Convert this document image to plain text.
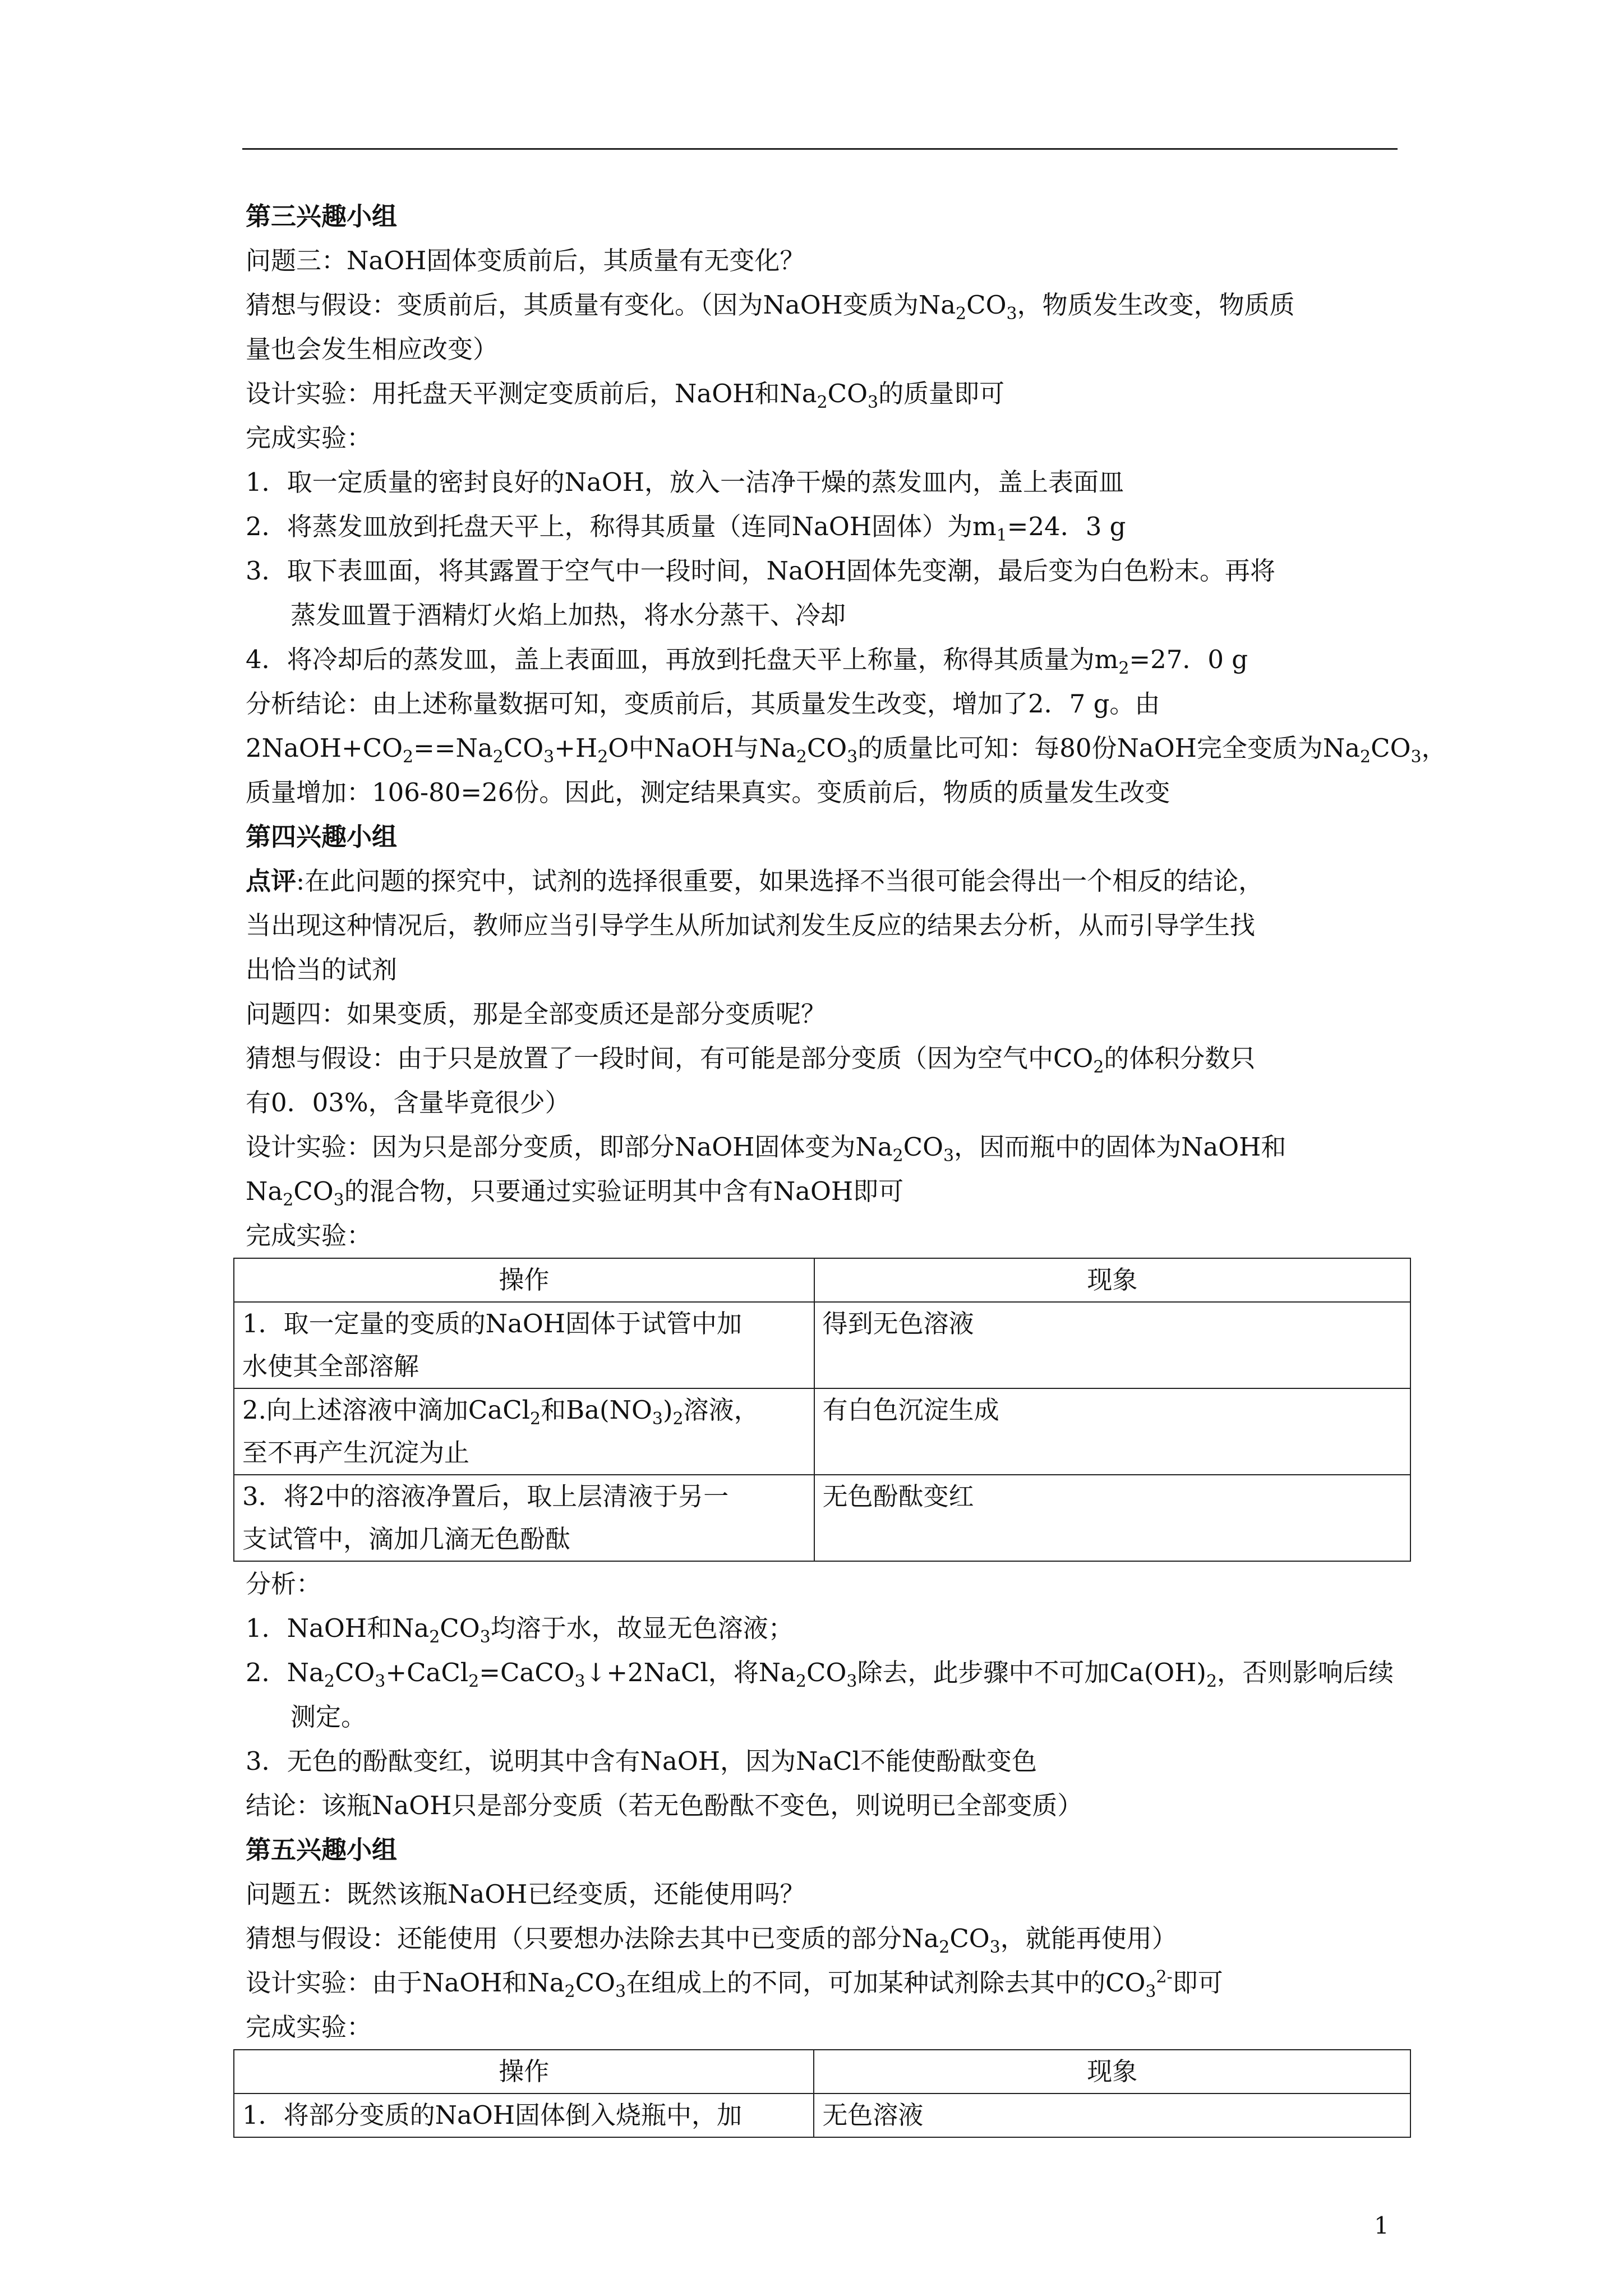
第三兴趣小组
问题三：NaOH固体变质前后，其质量有无变化？
猜想与假设：变质前后，其质量有变化。（因为NaOH变质为$Na_2CO_3$，物质发生改变，物质质
量也会发生相应改变）
设计实验：用托盘天平测定变质前后，NaOH和$Na_2CO_3$的质量即可
完成实验：
1．取一定质量的密封良好的NaOH，放入一洁净干燥的蒸发皿内，盖上表面皿
2．将蒸发皿放到托盘天平上，称得其质量（连同NaOH固体）为$m_1=24$．3 g
3．取下表皿面，将其露置于空气中一段时间，NaOH固体先变潮，最后变为白色粉末。再将
蒸发皿置于酒精灯火焰上加热，将水分蒸干、冷却
4．将冷却后的蒸发皿，盖上表面皿，再放到托盘天平上称量，称得其质量为$m_2=27$．0 g
分析结论：由上述称量数据可知，变质前后，其质量发生改变，增加了2．7 g。由
$2NaOH+CO_2==Na_2CO_3+H_2O$中NaOH与$Na_2CO_3$的质量比可知：每80份NaOH完全变质为$Na_2CO_3$，
质量增加：106-80=26份。因此，测定结果真实。变质前后，物质的质量发生改变
第四兴趣小组
点评:在此问题的探究中，试剂的选择很重要，如果选择不当很可能会得出一个相反的结论，
当出现这种情况后，教师应当引导学生从所加试剂发生反应的结果去分析，从而引导学生找
出恰当的试剂
问题四：如果变质，那是全部变质还是部分变质呢？
猜想与假设：由于只是放置了一段时间，有可能是部分变质（因为空气中$CO_2$的体积分数只
有0．03%，含量毕竟很少）
设计实验：因为只是部分变质，即部分NaOH固体变为$Na_2CO_3$，因而瓶中的固体为NaOH和
$Na_2CO_3$的混合物，只要通过实验证明其中含有NaOH即可
完成实验：
操作	现象

1．取一定量的变质的NaOH固体于试管中加
水使其全部溶解	得到无色溶液

2.向上述溶液中滴加CaCl$_2$和$Ba(NO_3)_2$溶液，
至不再产生沉淀为止	有白色沉淀生成

3．将2中的溶液净置后，取上层清液于另一
支试管中，滴加几滴无色酚酞	无色酚酞变红
分析：
1．NaOH和$Na_2CO_3$均溶于水，故显无色溶液；
2．$Na_2CO_3+CaCl_2=CaCO_3↓+2NaCl$，将$Na_2CO_3$除去，此步骤中不可加$Ca(OH)_2$，否则影响后续
测定。
3．无色的酚酞变红，说明其中含有NaOH，因为NaCl不能使酚酞变色
结论：该瓶NaOH只是部分变质（若无色酚酞不变色，则说明已全部变质）
第五兴趣小组
问题五：既然该瓶NaOH已经变质，还能使用吗？
猜想与假设：还能使用（只要想办法除去其中已变质的部分$Na_2CO_3$，就能再使用）
设计实验：由于NaOH和$Na_2CO_3$在组成上的不同，可加某种试剂除去其中的$CO_3^{2-}$即可
完成实验：
操作	现象
1．将部分变质的NaOH固体倒入烧瓶中，加	无色溶液
1
